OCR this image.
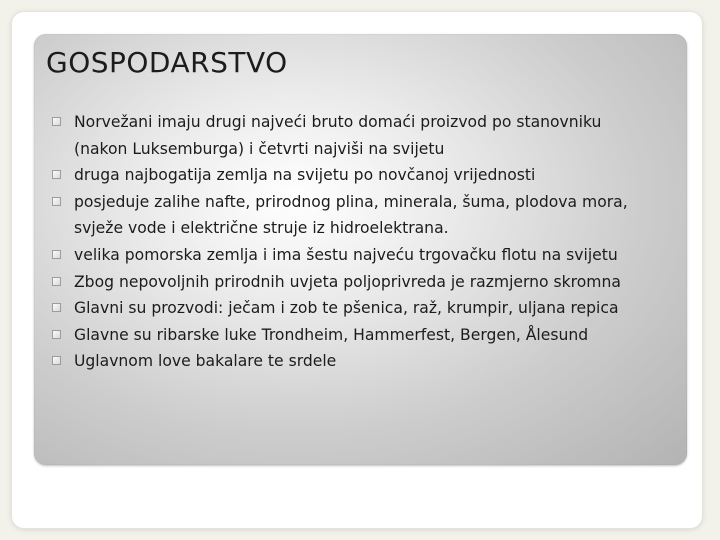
GOSPODARSTVO
Norvežani imaju drugi najveći bruto domaći proizvod po stanovniku
(nakon Luksemburga) i četvrti najviši na svijetu
druga najbogatija zemlja na svijetu po novčanoj vrijednosti
posjeduje zalihe nafte, prirodnog plina, minerala, šuma, plodova mora,
svježe vode i električne struje iz hidroelektrana.
velika pomorska zemlja i ima šestu najveću trgovačku flotu na svijetu
Zbog nepovoljnih prirodnih uvjeta poljoprivreda je razmjerno skromna
Glavni su prozvodi: ječam i zob te pšenica, raž, krumpir, uljana repica
Glavne su ribarske luke Trondheim, Hammerfest, Bergen, Ålesund
Uglavnom love bakalare te srdele
